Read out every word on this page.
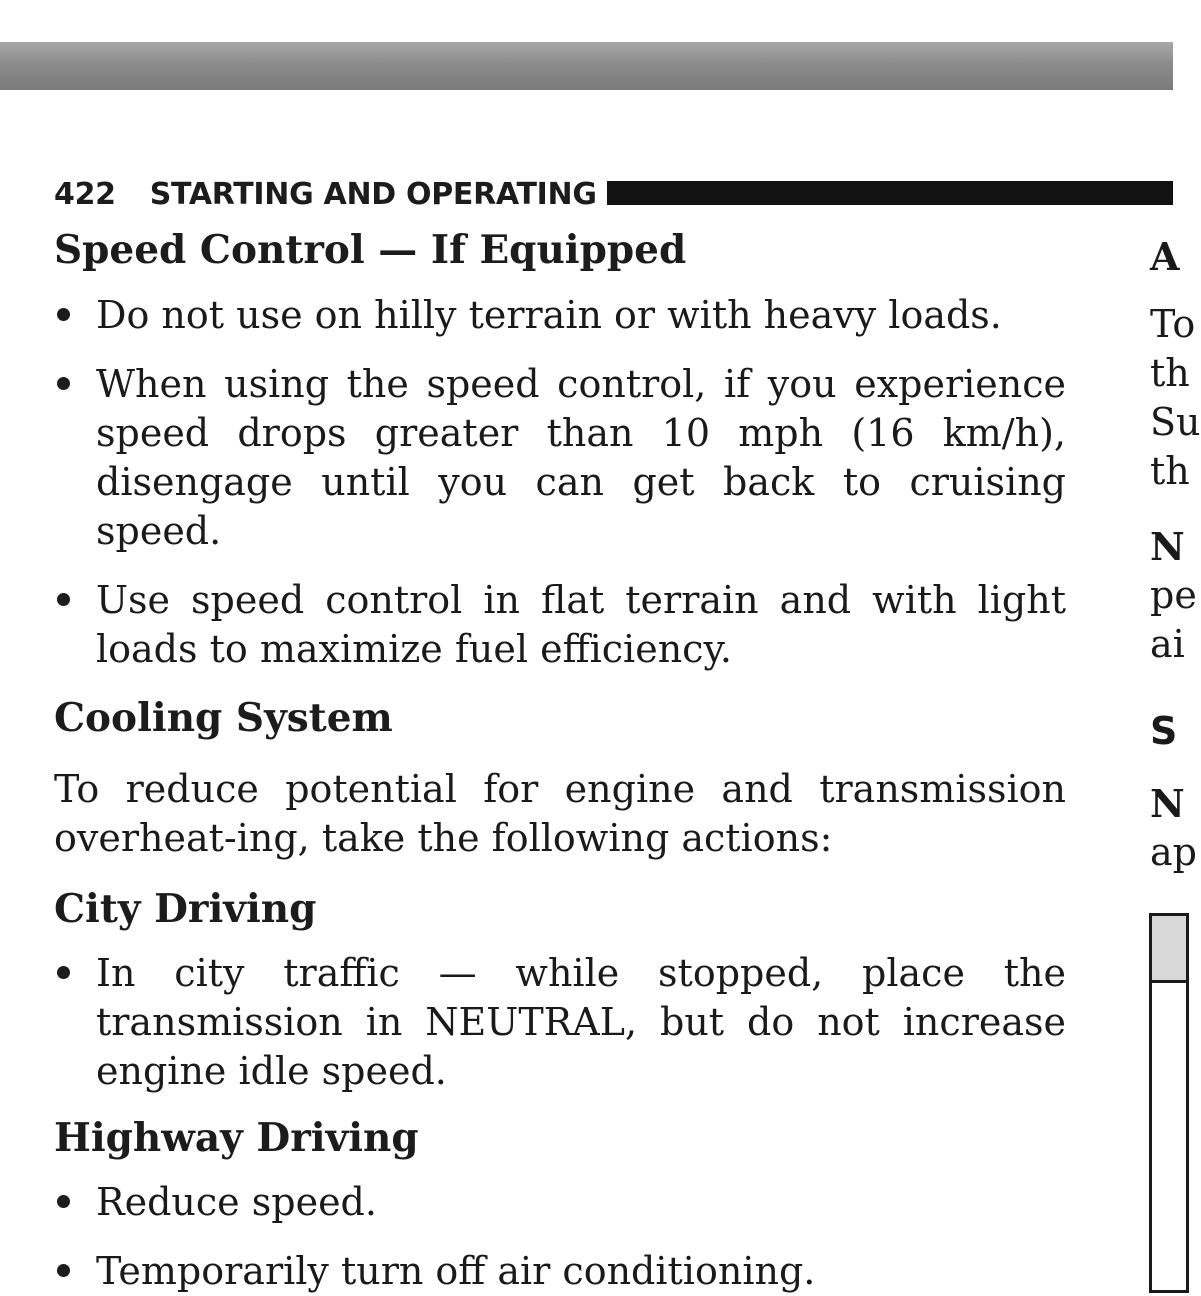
422 STARTING AND OPERATING
Speed Control — If Equipped
Do not use on hilly terrain or with heavy loads.
When using the speed control, if you experience speed drops greater than 10 mph (16 km/h), disengage until you can get back to cruising speed.
Use speed control in flat terrain and with light loads to maximize fuel efficiency.
Cooling System

To reduce potential for engine and transmission overheat-ing, take the following actions:

City Driving
In city traffic — while stopped, place the transmission in NEUTRAL, but do not increase engine idle speed.
Highway Driving
Reduce speed.
Temporarily turn off air conditioning.
A
To
th
Su
th
N
pe
ai
S
N
ap
